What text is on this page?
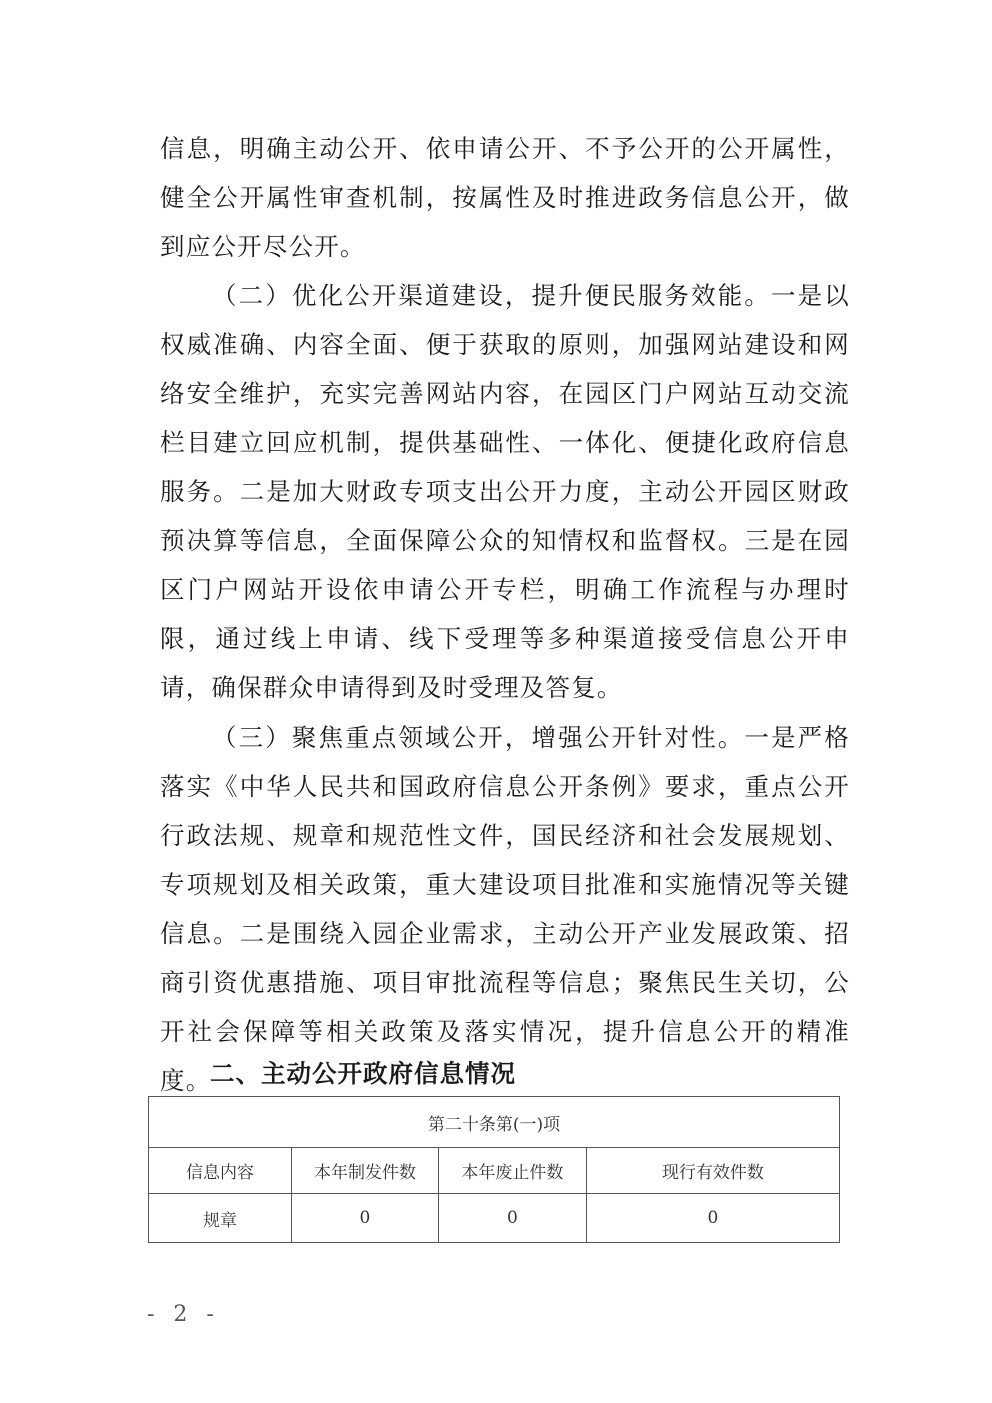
信息，明确主动公开、依申请公开、不予公开的公开属性，健全公开属性审查机制，按属性及时推进政务信息公开，做到应公开尽公开。

（二）优化公开渠道建设，提升便民服务效能。一是以权威准确、内容全面、便于获取的原则，加强网站建设和网络安全维护，充实完善网站内容，在园区门户网站互动交流栏目建立回应机制，提供基础性、一体化、便捷化政府信息服务。二是加大财政专项支出公开力度，主动公开园区财政预决算等信息，全面保障公众的知情权和监督权。三是在园区门户网站开设依申请公开专栏，明确工作流程与办理时限，通过线上申请、线下受理等多种渠道接受信息公开申请，确保群众申请得到及时受理及答复。

（三）聚焦重点领域公开，增强公开针对性。一是严格落实《中华人民共和国政府信息公开条例》要求，重点公开行政法规、规章和规范性文件，国民经济和社会发展规划、专项规划及相关政策，重大建设项目批准和实施情况等关键信息。二是围绕入园企业需求，主动公开产业发展政策、招商引资优惠措施、项目审批流程等信息；聚焦民生关切，公开社会保障等相关政策及落实情况，提升信息公开的精准度。

二、主动公开政府信息情况
第二十条第(一)项			
信息内容	本年制发件数	本年废止件数	现行有效件数
规章	0	0	0
- 2 -
